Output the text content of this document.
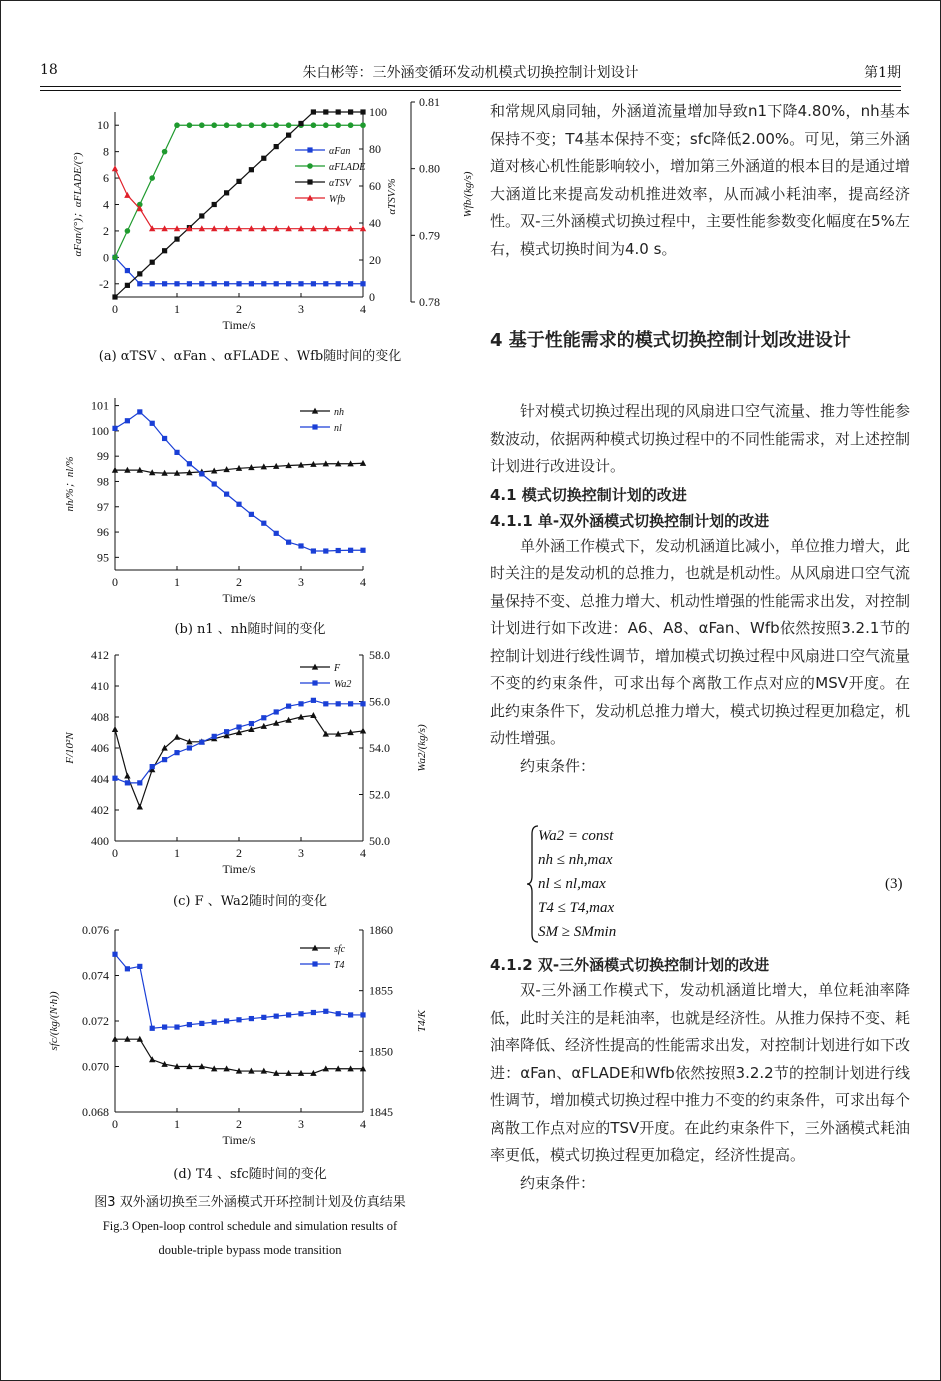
18	朱白彬等：三外涵变循环发动机模式切换控制计划设计	第1期
0	1	2	3	4
Time/s
-2
0
2
4
6
8
10
0
20
40
60
80
100
0.78
0.79
0.80
0.81
αFan
αFLADE
αTSV
Wfb
αFan/(°)；αFLADE/(°)	αTSV/%	Wfb/(kg/s)
0	1	2	3	4
Time/s
95
96
97
98
99
100
101	nh
nl
nh/%；nl/%
0	1	2	3	4
Time/s
400
402
404
406
408
410
412
50.0
52.0
54.0
56.0
58.0
F
Wa2
F/10²N	Wa2/(kg/s)
0	1	2	3	4
Time/s
0.068
0.070
0.072
0.074
0.076
1845
1850
1855
1860
sfc
T4
sfc/(kg/(N·h))	T4/K
(a) αTSV 、αFan 、αFLADE 、Wfb随时间的变化
(b) n1 、nh随时间的变化
(c) F 、Wa2随时间的变化
(d) T4 、sfc随时间的变化
图3 双外涵切换至三外涵模式开环控制计划及仿真结果
Fig.3 Open-loop control schedule and simulation results of
double-triple bypass mode transition
和常规风扇同轴，外涵道流量增加导致n1下降4.80%，nh基本保持不变；T4基本保持不变；sfc降低2.00%。可见，第三外涵道对核心机性能影响较小，增加第三外涵道的根本目的是通过增大涵道比来提高发动机推进效率，从而减小耗油率，提高经济性。双-三外涵模式切换过程中，主要性能参数变化幅度在5%左右，模式切换时间为4.0 s。
4 基于性能需求的模式切换控制计划改进设计
针对模式切换过程出现的风扇进口空气流量、推力等性能参数波动，依据两种模式切换过程中的不同性能需求，对上述控制计划进行改进设计。
4.1 模式切换控制计划的改进
4.1.1 单-双外涵模式切换控制计划的改进
单外涵工作模式下，发动机涵道比减小，单位推力增大，此时关注的是发动机的总推力，也就是机动性。从风扇进口空气流量保持不变、总推力增大、机动性增强的性能需求出发，对控制计划进行如下改进：A6、A8、αFan、Wfb依然按照3.2.1节的控制计划进行线性调节，增加模式切换过程中风扇进口空气流量不变的约束条件，可求出每个离散工作点对应的MSV开度。在此约束条件下，发动机总推力增大，模式切换过程更加稳定，机动性增强。
约束条件：
Wa2 = const
nh ≤ nh,max
nl ≤ nl,max
T4 ≤ T4,max
SM ≥ SMmin
(3)
4.1.2 双-三外涵模式切换控制计划的改进
双-三外涵工作模式下，发动机涵道比增大，单位耗油率降低，此时关注的是耗油率，也就是经济性。从推力保持不变、耗油率降低、经济性提高的性能需求出发，对控制计划进行如下改进：αFan、αFLADE和Wfb依然按照3.2.2节的控制计划进行线性调节，增加模式切换过程中推力不变的约束条件，可求出每个离散工作点对应的TSV开度。在此约束条件下，三外涵模式耗油率更低，模式切换过程更加稳定，经济性提高。
约束条件：
